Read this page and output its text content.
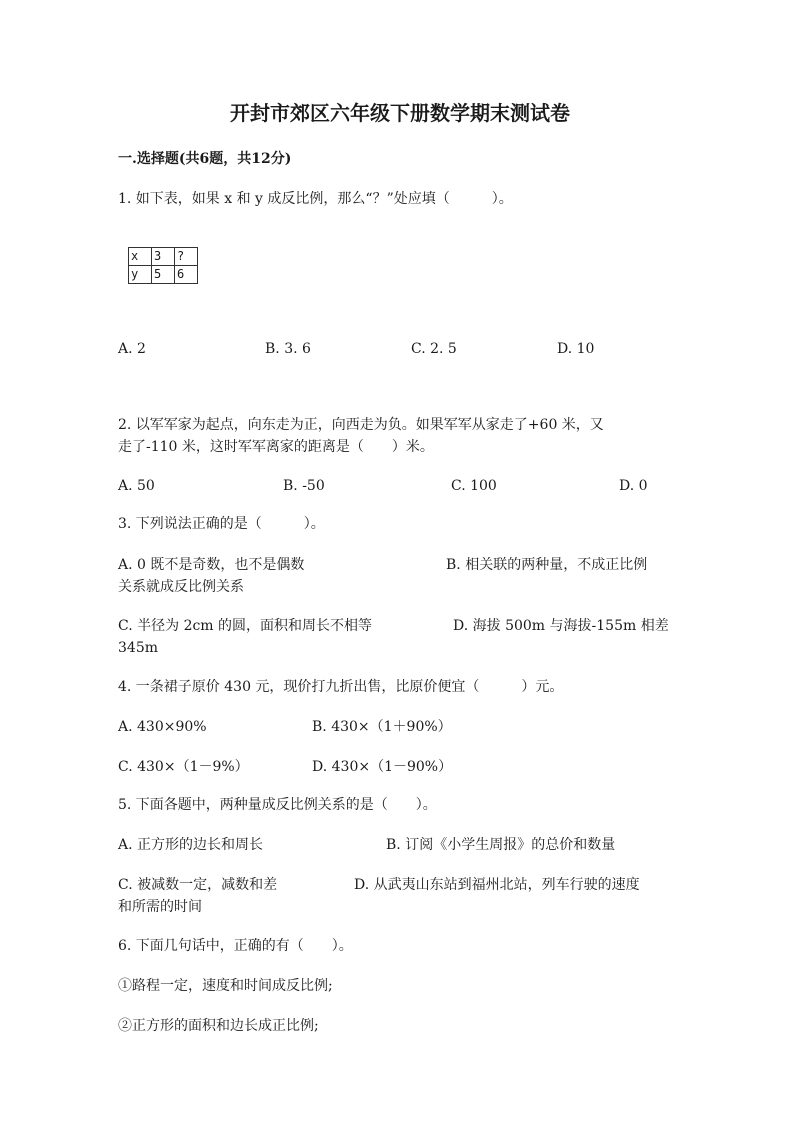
开封市郊区六年级下册数学期末测试卷
一.选择题(共6题，共12分)
1. 如下表，如果 x 和 y 成反比例，那么“？”处应填（　　　）。
x	3	?
y	5	6
A. 2	B. 3. 6	C. 2. 5	D. 10
2. 以军军家为起点，向东走为正，向西走为负。如果军军从家走了+60 米，又
走了-110 米，这时军军离家的距离是（　　）米。
A. 50	B. -50	C. 100	D. 0
3. 下列说法正确的是（　　　）。
A. 0 既不是奇数，也不是偶数	B. 相关联的两种量，不成正比例
关系就成反比例关系
C. 半径为 2cm 的圆，面积和周长不相等	D. 海拔 500m 与海拔-155m 相差
345m
4. 一条裙子原价 430 元，现价打九折出售，比原价便宜（　　　）元。
A. 430×90%	B. 430×（1＋90%）
C. 430×（1－9%）	D. 430×（1－90%）
5. 下面各题中，两种量成反比例关系的是（　　）。
A. 正方形的边长和周长	B. 订阅《小学生周报》的总价和数量
C. 被减数一定，减数和差	D. 从武夷山东站到福州北站，列车行驶的速度
和所需的时间
6. 下面几句话中，正确的有（　　）。
①路程一定，速度和时间成反比例;
②正方形的面积和边长成正比例;
